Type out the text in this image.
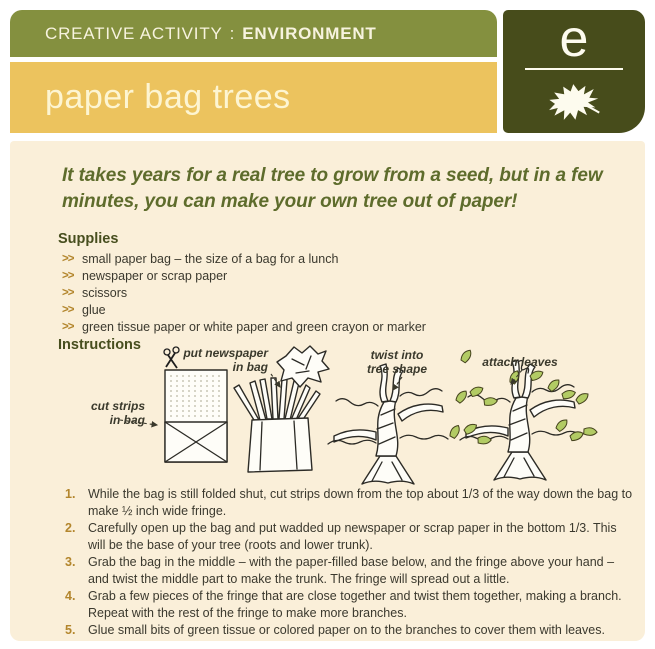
CREATIVE ACTIVITY : ENVIRONMENT
paper bag trees
e

It takes years for a real tree to grow from a seed, but in a few minutes, you can make your own tree out of paper!

Supplies
>> small paper bag – the size of a bag for a lunch
>> newspaper or scrap paper
>> scissors
>> glue
>> green tissue paper or white paper and green crayon or marker
Instructions
cut strips
in bag
put newspaper
in bag
twist into
tree shape	attach leaves
1.	While the bag is still folded shut, cut strips down from the top about 1/3 of the way down the bag to make ½ inch wide fringe.
2.	Carefully open up the bag and put wadded up newspaper or scrap paper in the bottom 1/3. This will be the base of your tree (roots and lower trunk).
3.	Grab the bag in the middle – with the paper-filled base below, and the fringe above your hand – and twist the middle part to make the trunk. The fringe will spread out a little.
4.	Grab a few pieces of the fringe that are close together and twist them together, making a branch. Repeat with the rest of the fringe to make more branches.
5.	Glue small bits of green tissue or colored paper on to the branches to cover them with leaves.
